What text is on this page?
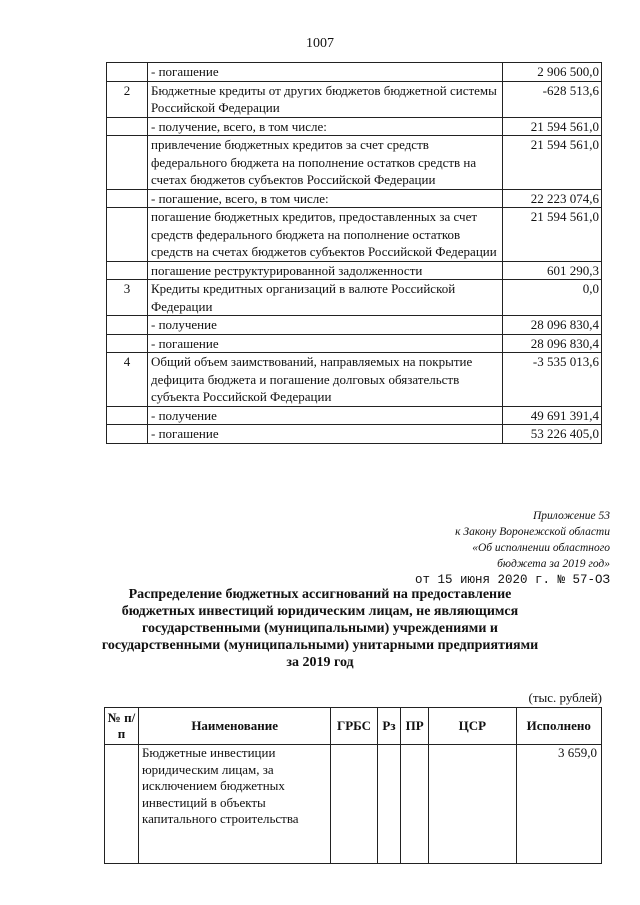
1007
	- погашение	2 906 500,0
2	Бюджетные кредиты от других бюджетов бюджетной системы Российской Федерации	-628 513,6
	- получение, всего, в том числе:	21 594 561,0
	привлечение бюджетных кредитов за счет средств федерального бюджета на пополнение остатков средств на счетах бюджетов субъектов Российской Федерации	21 594 561,0
	- погашение, всего, в том числе:	22 223 074,6
	погашение бюджетных кредитов, предоставленных за счет средств федерального бюджета на пополнение остатков средств на счетах бюджетов субъектов Российской Федерации	21 594 561,0
	погашение реструктурированной задолженности	601 290,3
3	Кредиты кредитных организаций в валюте Российской Федерации	0,0
	- получение	28 096 830,4
	- погашение	28 096 830,4
4	Общий объем заимствований, направляемых на покрытие дефицита бюджета и погашение долговых обязательств субъекта Российской Федерации	-3 535 013,6
	- получение	49 691 391,4
	- погашение	53 226 405,0
Приложение 53
к Закону Воронежской области
«Об исполнении областного
бюджета за 2019 год»
от 15 июня 2020 г. № 57-ОЗ
Распределение бюджетных ассигнований на предоставление бюджетных инвестиций юридическим лицам, не являющимся государственными (муниципальными) учреждениями и государственными (муниципальными) унитарными предприятиями за 2019 год
(тыс. рублей)
№ п/п	Наименование	ГРБС	Рз	ПР	ЦСР	Исполнено
	Бюджетные инвестиции юридическим лицам, за исключением бюджетных инвестиций в объекты капитального строительства					3 659,0
